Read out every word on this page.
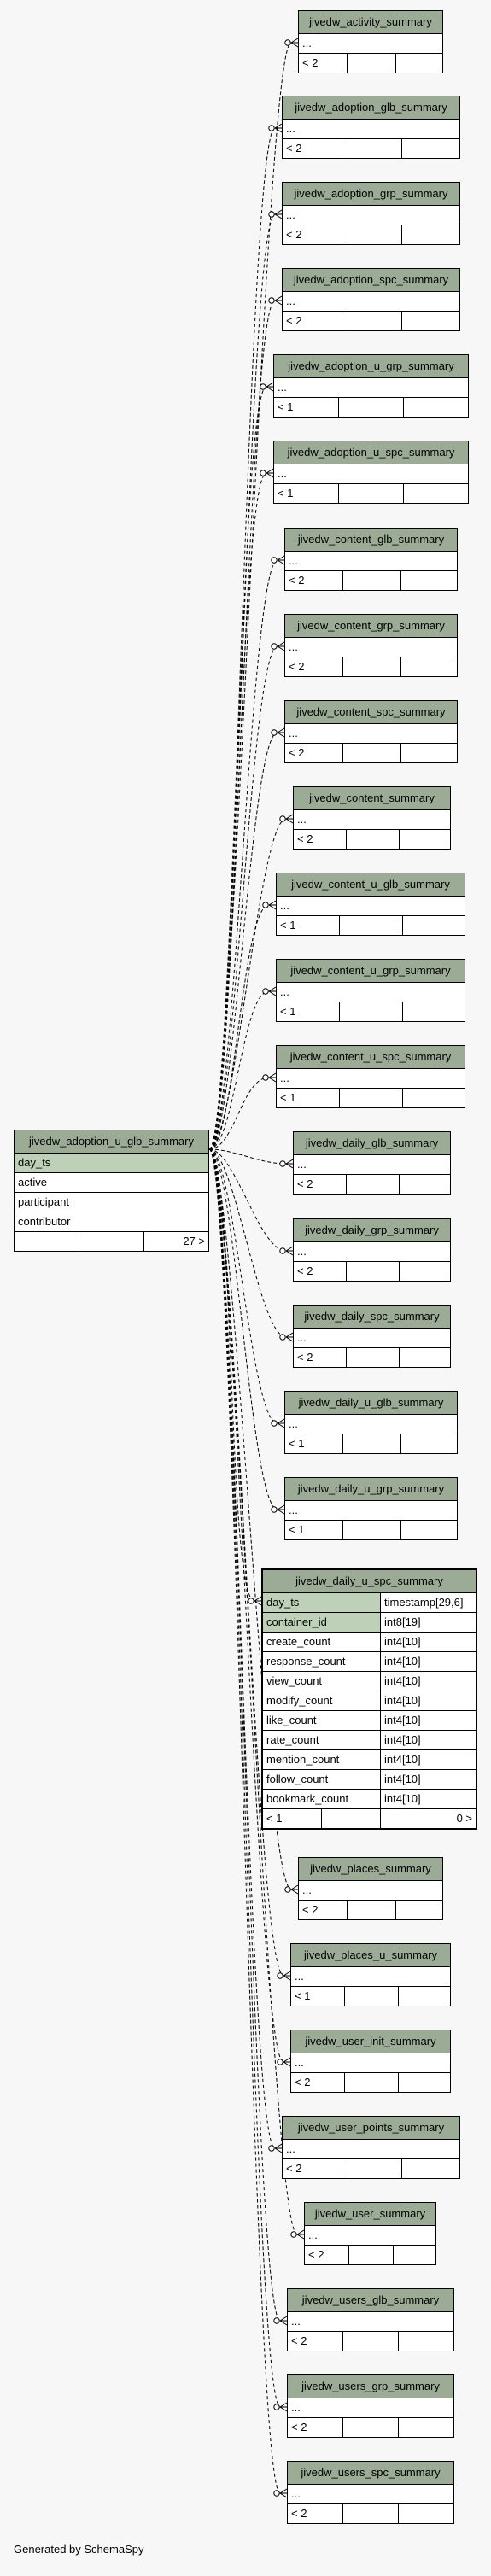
jivedw_adoption_u_glb_summary
day_ts
active
participant
contributor
27 >
jivedw_daily_u_spc_summary
day_ts	timestamp[29,6]
container_id	int8[19]
create_count	int4[10]
response_count	int4[10]
view_count	int4[10]
modify_count	int4[10]
like_count	int4[10]
rate_count	int4[10]
mention_count	int4[10]
follow_count	int4[10]
bookmark_count	int4[10]
< 1	0 >
jivedw_activity_summary
...
< 2
jivedw_adoption_glb_summary
...
< 2
jivedw_adoption_grp_summary
...
< 2
jivedw_adoption_spc_summary
...
< 2
jivedw_adoption_u_grp_summary
...
< 1
jivedw_adoption_u_spc_summary
...
< 1
jivedw_content_glb_summary
...
< 2
jivedw_content_grp_summary
...
< 2
jivedw_content_spc_summary
...
< 2
jivedw_content_summary
...
< 2
jivedw_content_u_glb_summary
...
< 1
jivedw_content_u_grp_summary
...
< 1
jivedw_content_u_spc_summary
...
< 1
jivedw_daily_glb_summary
...
< 2
jivedw_daily_grp_summary
...
< 2
jivedw_daily_spc_summary
...
< 2
jivedw_daily_u_glb_summary
...
< 1
jivedw_daily_u_grp_summary
...
< 1
jivedw_places_summary
...
< 2
jivedw_places_u_summary
...
< 1
jivedw_user_init_summary
...
< 2
jivedw_user_points_summary
...
< 2
jivedw_user_summary
...
< 2
jivedw_users_glb_summary
...
< 2
jivedw_users_grp_summary
...
< 2
jivedw_users_spc_summary
...
< 2
Generated by SchemaSpy
